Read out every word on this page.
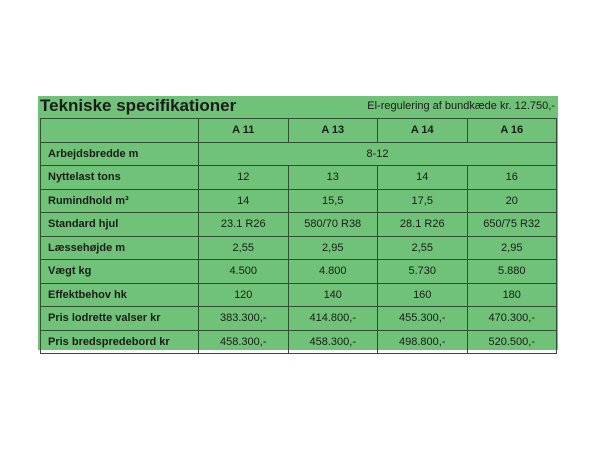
Tekniske specifikationer	El-regulering af bundkæde kr. 12.750,-
	A 11	A 13	A 14	A 16
Arbejdsbredde m	8-12			
Nyttelast tons	12	13	14	16
Rumindhold m³	14	15,5	17,5	20
Standard hjul	23.1 R26	580/70 R38	28.1 R26	650/75 R32
Læssehøjde m	2,55	2,95	2,55	2,95
Vægt kg	4.500	4.800	5.730	5.880
Effektbehov hk	120	140	160	180
Pris lodrette valser kr	383.300,-	414.800,-	455.300,-	470.300,-
Pris bredspredebord kr	458.300,-	458.300,-	498.800,-	520.500,-
